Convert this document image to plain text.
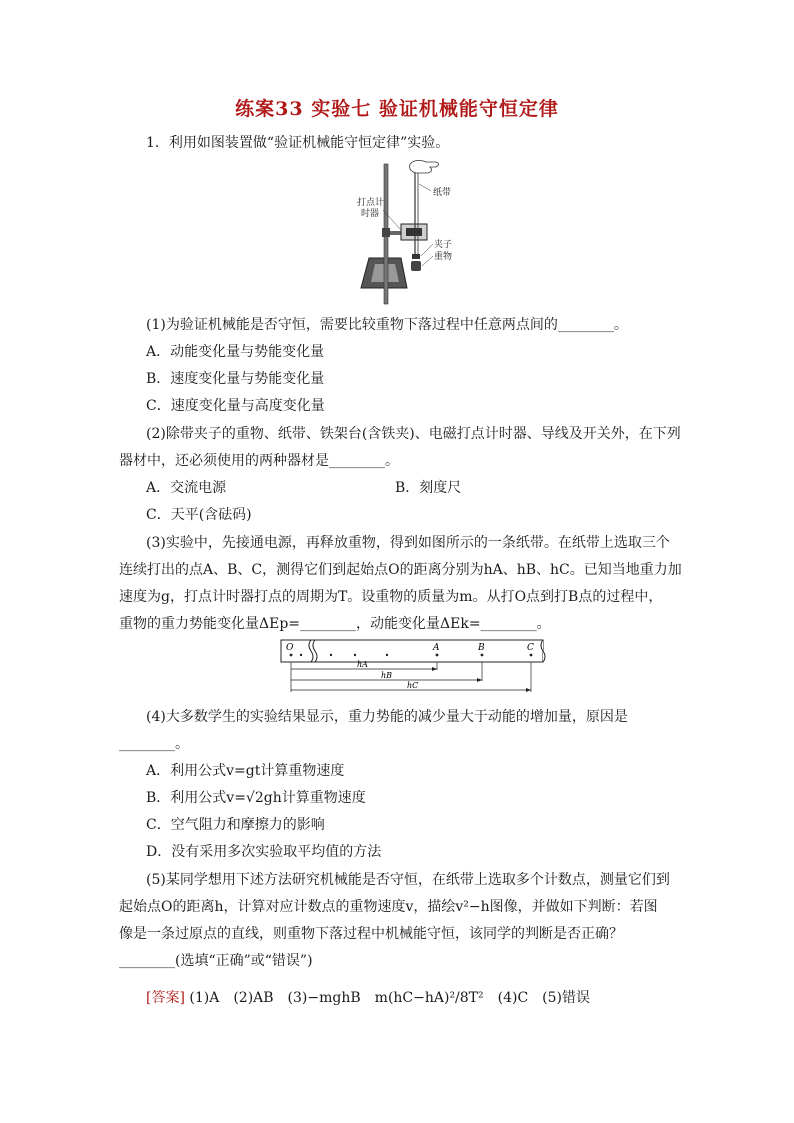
练案33 实验七 验证机械能守恒定律
1．利用如图装置做“验证机械能守恒定律”实验。
纸带
打点计
时器
夹子
重物
(1)为验证机械能是否守恒，需要比较重物下落过程中任意两点间的________。
A．动能变化量与势能变化量
B．速度变化量与势能变化量
C．速度变化量与高度变化量
(2)除带夹子的重物、纸带、铁架台(含铁夹)、电磁打点计时器、导线及开关外，在下列
器材中，还必须使用的两种器材是________。
A．交流电源	B．刻度尺
C．天平(含砝码)
(3)实验中，先接通电源，再释放重物，得到如图所示的一条纸带。在纸带上选取三个
连续打出的点A、B、C，测得它们到起始点O的距离分别为hA、hB、hC。已知当地重力加
速度为g，打点计时器打点的周期为T。设重物的质量为m。从打O点到打B点的过程中，
重物的重力势能变化量ΔEp=________，动能变化量ΔEk=________。
O	A	B	C
hA
hB
hC
(4)大多数学生的实验结果显示，重力势能的减少量大于动能的增加量，原因是
________。
A．利用公式v=gt计算重物速度
B．利用公式v=√2gh计算重物速度
C．空气阻力和摩擦力的影响
D．没有采用多次实验取平均值的方法
(5)某同学想用下述方法研究机械能是否守恒，在纸带上选取多个计数点，测量它们到
起始点O的距离h，计算对应计数点的重物速度v，描绘v²−h图像，并做如下判断：若图
像是一条过原点的直线，则重物下落过程中机械能守恒，该同学的判断是否正确？
________(选填“正确”或“错误”)
[答案] (1)A　(2)AB　(3)−mghB　m(hC−hA)²/8T²　(4)C　(5)错误
